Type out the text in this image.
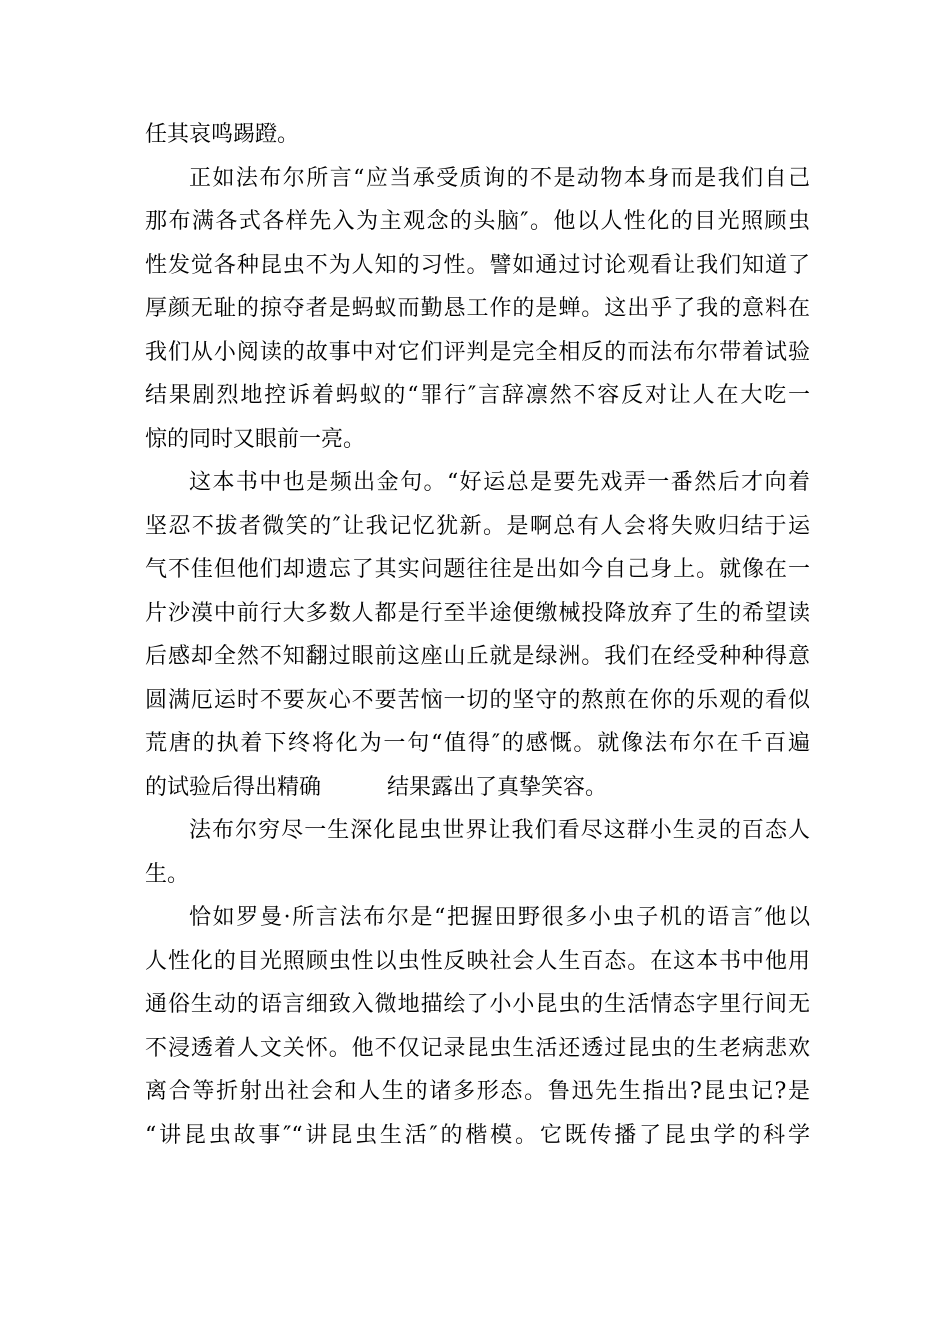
任其哀鸣踢蹬。
正如法布尔所言“应当承受质询的不是动物本身而是我们自己
那布满各式各样先入为主观念的头脑″。他以人性化的目光照顾虫
性发觉各种昆虫不为人知的习性。譬如通过讨论观看让我们知道了
厚颜无耻的掠夺者是蚂蚁而勤恳工作的是蝉。这出乎了我的意料在
我们从小阅读的故事中对它们评判是完全相反的而法布尔带着试验
结果剧烈地控诉着蚂蚁的“罪行″言辞凛然不容反对让人在大吃一
惊的同时又眼前一亮。
这本书中也是频出金句。“好运总是要先戏弄一番然后才向着
坚忍不拔者微笑的″让我记忆犹新。是啊总有人会将失败归结于运
气不佳但他们却遗忘了其实问题往往是出如今自己身上。就像在一
片沙漠中前行大多数人都是行至半途便缴械投降放弃了生的希望读
后感却全然不知翻过眼前这座山丘就是绿洲。我们在经受种种得意
圆满厄运时不要灰心不要苦恼一切的坚守的熬煎在你的乐观的看似
荒唐的执着下终将化为一句“值得″的感慨。就像法布尔在千百遍
的试验后得出精确　　　结果露出了真挚笑容。
法布尔穷尽一生深化昆虫世界让我们看尽这群小生灵的百态人
生。
恰如罗曼·所言法布尔是“把握田野很多小虫子机的语言″他以
人性化的目光照顾虫性以虫性反映社会人生百态。在这本书中他用
通俗生动的语言细致入微地描绘了小小昆虫的生活情态字里行间无
不浸透着人文关怀。他不仅记录昆虫生活还透过昆虫的生老病悲欢
离合等折射出社会和人生的诸多形态。鲁迅先生指出?昆虫记?是
“讲昆虫故事″“讲昆虫生活″的楷模。它既传播了昆虫学的科学
